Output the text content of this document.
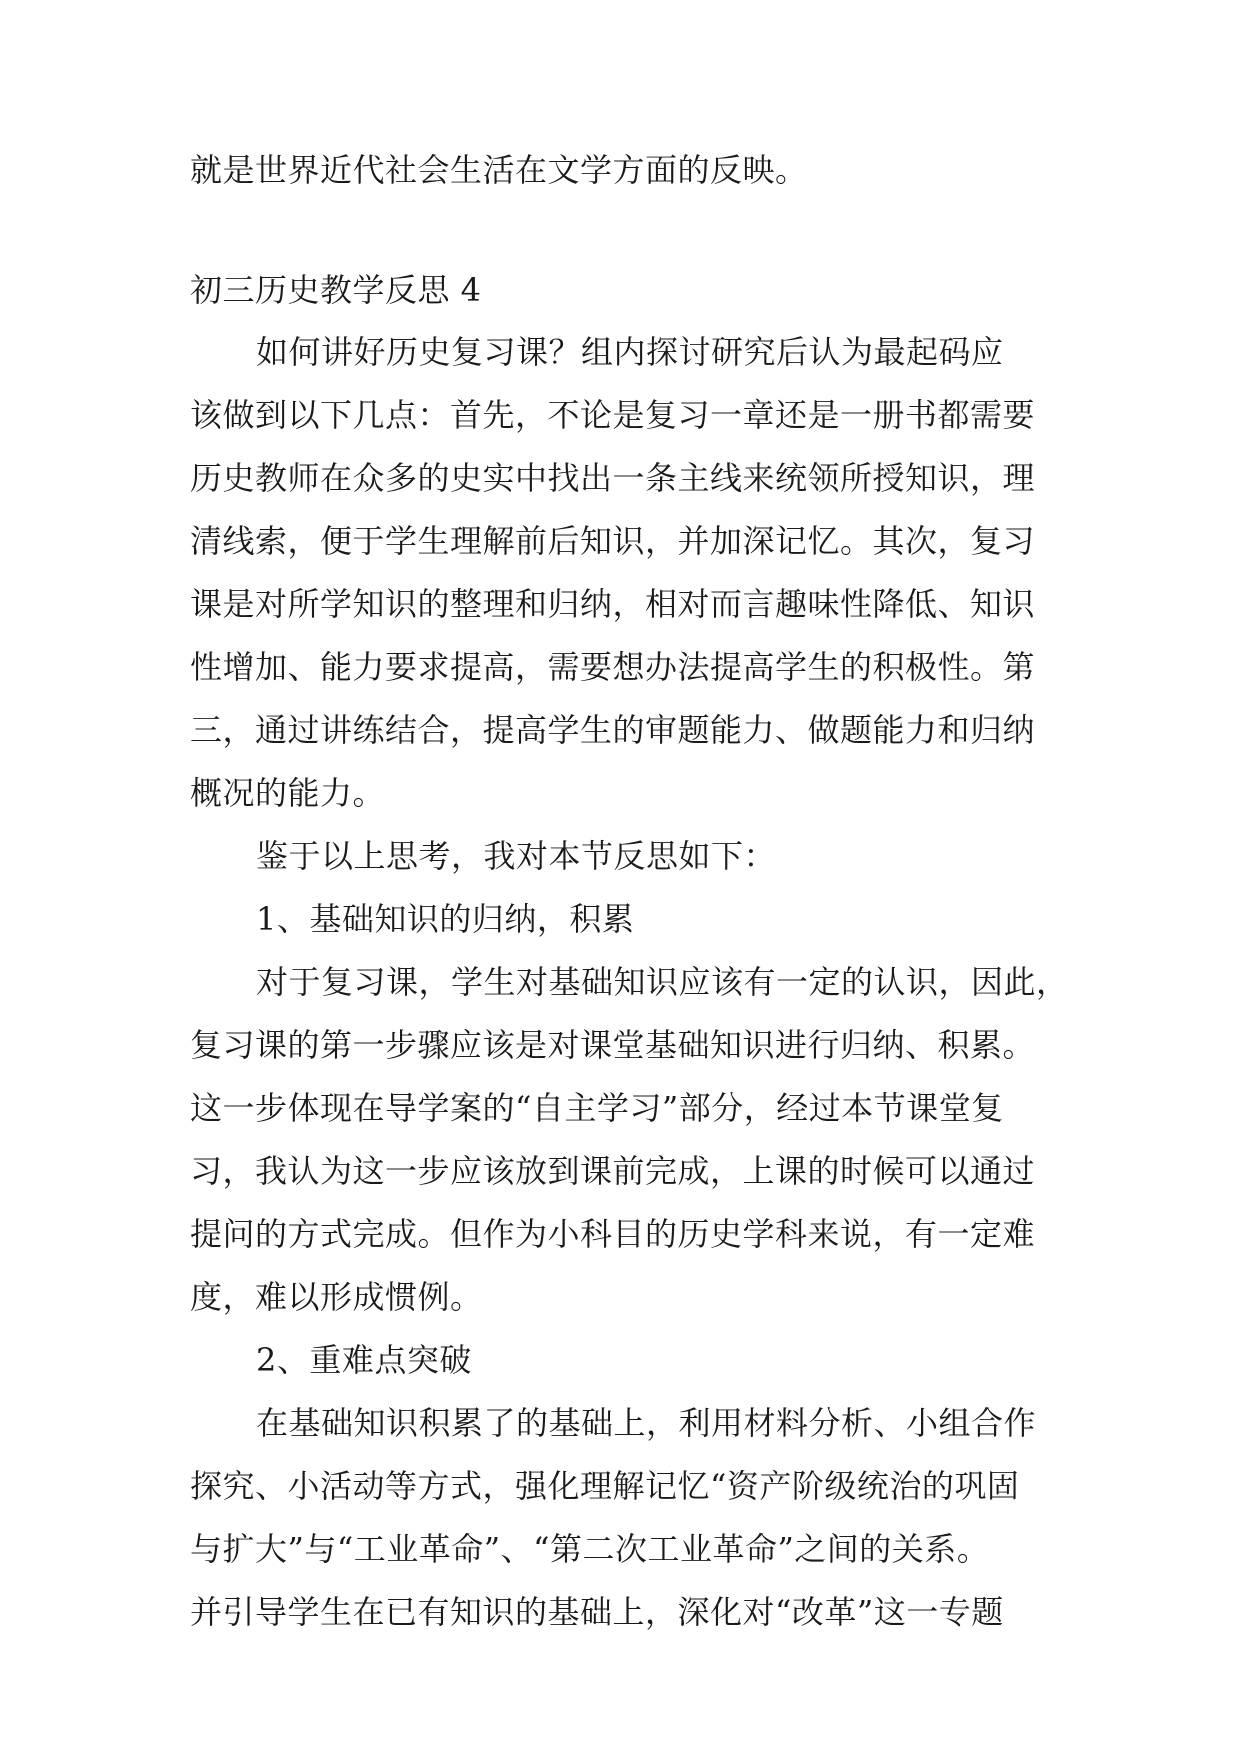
就是世界近代社会生活在文学方面的反映。
初三历史教学反思 4
如何讲好历史复习课？组内探讨研究后认为最起码应
该做到以下几点：首先，不论是复习一章还是一册书都需要
历史教师在众多的史实中找出一条主线来统领所授知识，理
清线索，便于学生理解前后知识，并加深记忆。其次，复习
课是对所学知识的整理和归纳，相对而言趣味性降低、知识
性增加、能力要求提高，需要想办法提高学生的积极性。第
三，通过讲练结合，提高学生的审题能力、做题能力和归纳
概况的能力。
鉴于以上思考，我对本节反思如下：
1、基础知识的归纳，积累
对于复习课，学生对基础知识应该有一定的认识，因此，
复习课的第一步骤应该是对课堂基础知识进行归纳、积累。
这一步体现在导学案的“自主学习”部分，经过本节课堂复
习，我认为这一步应该放到课前完成，上课的时候可以通过
提问的方式完成。但作为小科目的历史学科来说，有一定难
度，难以形成惯例。
2、重难点突破
在基础知识积累了的基础上，利用材料分析、小组合作
探究、小活动等方式，强化理解记忆“资产阶级统治的巩固
与扩大”与“工业革命”、“第二次工业革命”之间的关系。
并引导学生在已有知识的基础上，深化对“改革”这一专题
